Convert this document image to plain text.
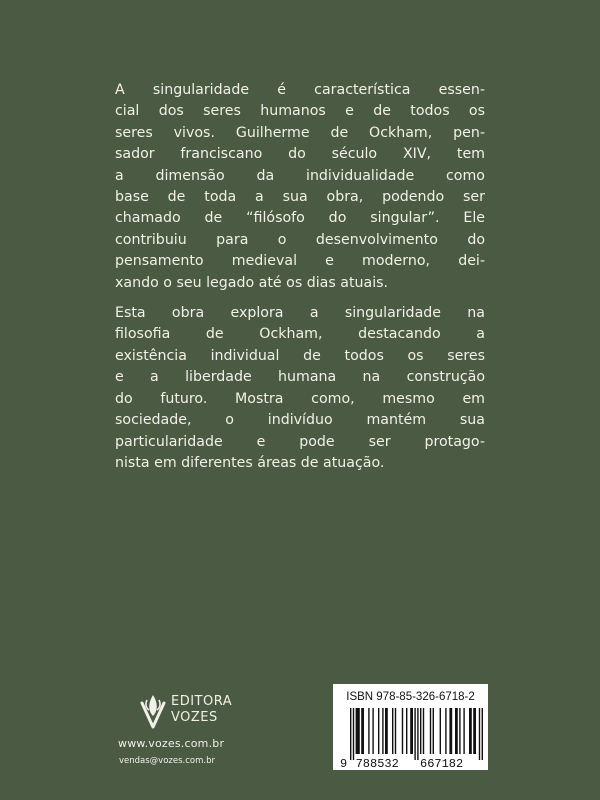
A singularidade é característica essen-
cial dos seres humanos e de todos os
seres vivos. Guilherme de Ockham, pen-
sador franciscano do século XIV, tem
a dimensão da individualidade como
base de toda a sua obra, podendo ser
chamado de “filósofo do singular”. Ele
contribuiu para o desenvolvimento do
pensamento medieval e moderno, dei-
xando o seu legado até os dias atuais.

Esta obra explora a singularidade na
filosofia de Ockham, destacando a
existência individual de todos os seres
e a liberdade humana na construção
do futuro. Mostra como, mesmo em
sociedade, o indivíduo mantém sua
particularidade e pode ser protago-
nista em diferentes áreas de atuação.

EDITORA
VOZES
www.vozes.com.br
vendas@vozes.com.br
ISBN 978-85-326-6718-2
9 788532 667182
